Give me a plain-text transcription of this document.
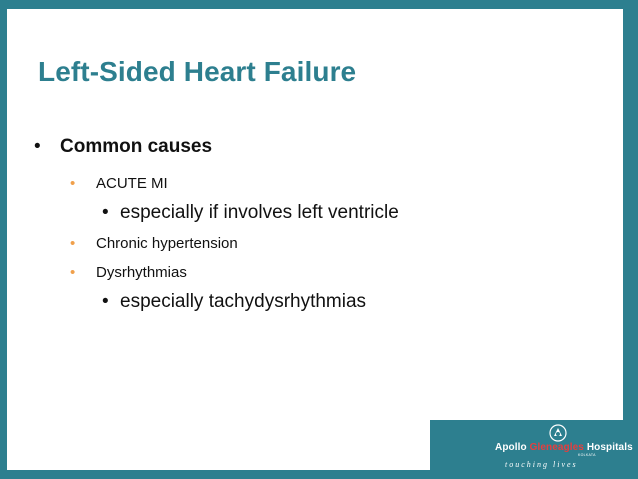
Left-Sided Heart Failure
• Common causes
• ACUTE MI
• especially if involves left ventricle
• Chronic hypertension
• Dysrhythmias
• especially tachydysrhythmias
Apollo Gleneagles Hospitals
KOLKATA
touching lives
